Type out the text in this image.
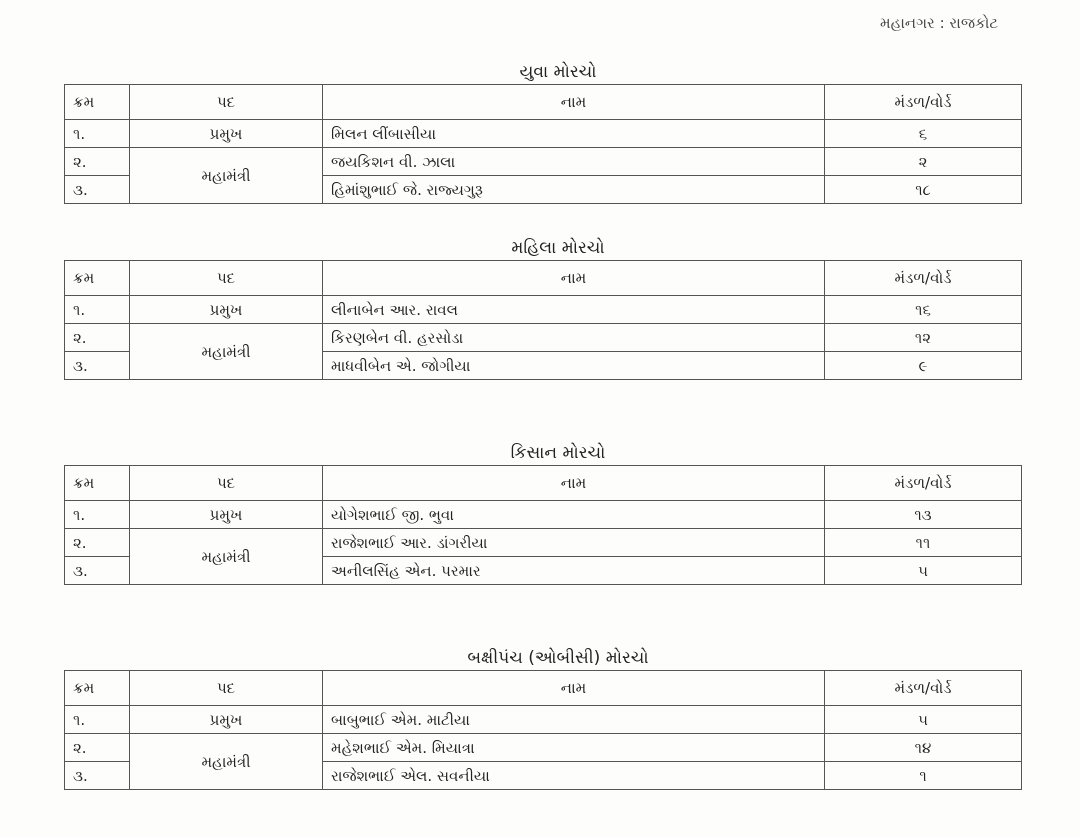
મહાનગર : રાજકોટ
યુવા મોરચો
ક્રમ	પદ	નામ	મંડળ/વોર્ડ
૧.	પ્રમુખ	મિલન લીંબાસીયા	૬
૨.	મહામંત્રી	જયકિશન વી. ઝાલા	૨
૩.		હિમાંશુભાઈ જે. રાજ્યગુરૂ	૧૮
મહિલા મોરચો
ક્રમ	પદ	નામ	મંડળ/વોર્ડ
૧.	પ્રમુખ	લીનાબેન આર. રાવલ	૧૬
૨.	મહામંત્રી	કિરણબેન વી. હરસોડા	૧૨
૩.		માધવીબેન એ. જોગીયા	૯
કિસાન મોરચો
ક્રમ	પદ	નામ	મંડળ/વોર્ડ
૧.	પ્રમુખ	યોગેશભાઈ જી. ભુવા	૧૩
૨.	મહામંત્રી	રાજેશભાઈ આર. ડાંગરીયા	૧૧
૩.		અનીલસિંહ એન. પરમાર	૫
બક્ષીપંચ (ઓબીસી) મોરચો
ક્રમ	પદ	નામ	મંડળ/વોર્ડ
૧.	પ્રમુખ	બાબુભાઈ એમ. માટીયા	૫
૨.	મહામંત્રી	મહેશભાઈ એમ. મિયાત્રા	૧૪
૩.		રાજેશભાઈ એલ. સવનીયા	૧
